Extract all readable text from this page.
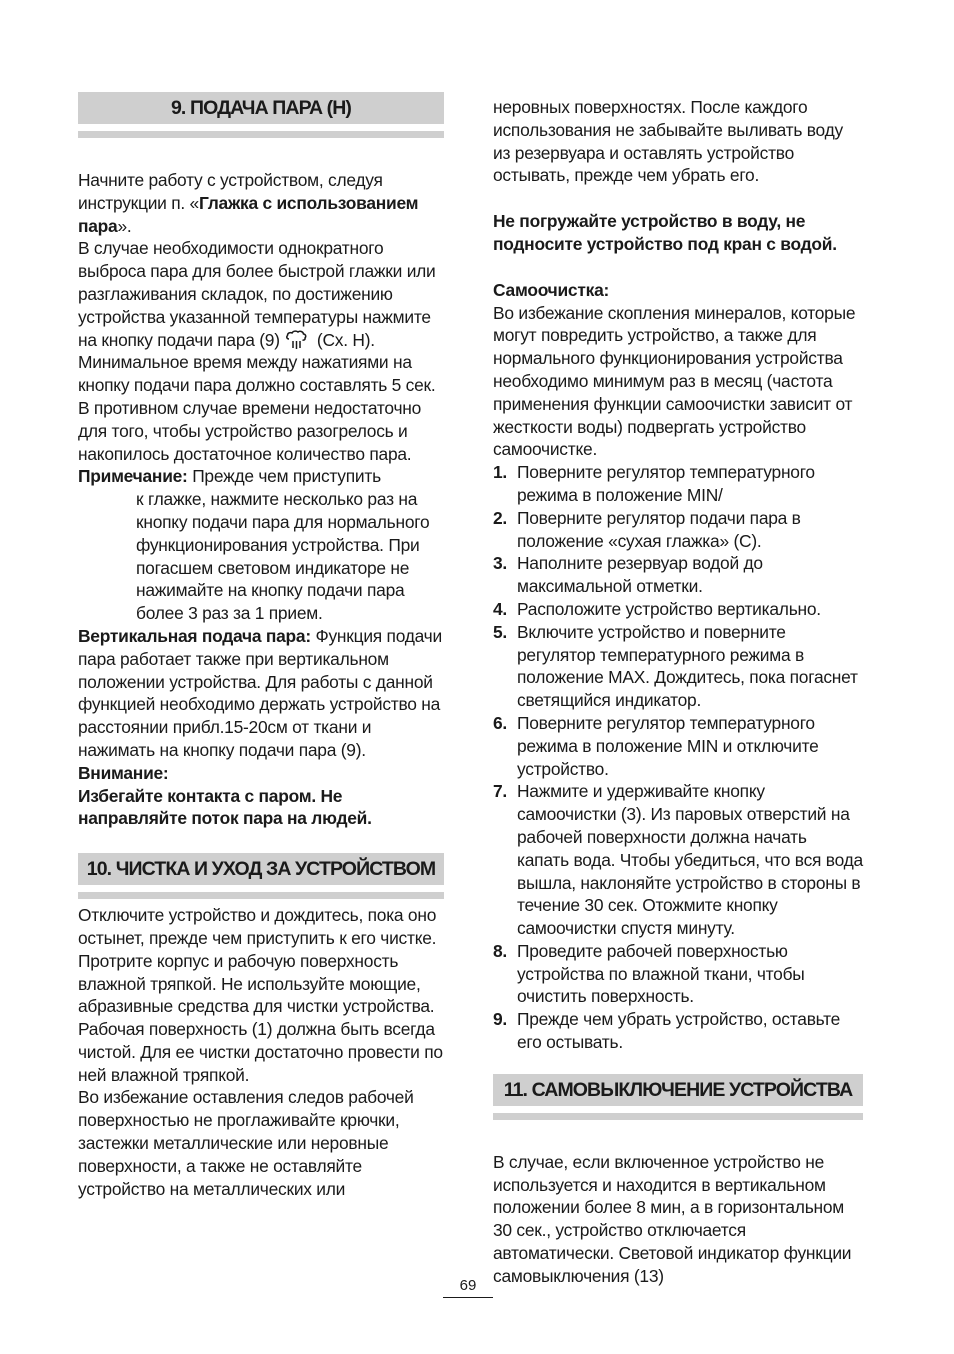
9. ПОДАЧА ПАРА (H)

Начните работу с устройством, следуя инструкции п. «Глажка с использованием пара».

В случае необходимости однократного выброса пара для более быстрой глажки или разглаживания складок, по достижению устройства указанной температуры нажмите на кнопку подачи пара (9)  (Сх. Н). Минимальное время между нажатиями на кнопку подачи пара должно составлять 5 сек. В противном случае времени недостаточно для того, чтобы устройство разогрелось и накопилось достаточное количество пара.

Примечание: Прежде чем приступить

к глажке, нажмите несколько раз на кнопку подачи пара для нормального функционирования устройства. При погасшем световом индикаторе не нажимайте на кнопку подачи пара более 3 раз за 1 прием.

Вертикальная подача пара: Функция подачи пара работает также при вертикальном положении устройства. Для работы с данной функцией необходимо держать устройство на расстоянии прибл.15-20см от ткани и нажимать на кнопку подачи пара (9).

Внимание:

Избегайте контакта с паром. Не направляйте поток пара на людей.

10. ЧИСТКА И УХОД ЗА УСТРОЙСТВОМ

Отключите устройство и дождитесь, пока оно остынет, прежде чем приступить к его чистке.

Протрите корпус и рабочую поверхность влажной тряпкой. Не используйте моющие, абразивные средства для чистки устройства.

Рабочая поверхность (1) должна быть всегда чистой. Для ее чистки достаточно провести по ней влажной тряпкой.

Во избежание оставления следов рабочей поверхностью не проглаживайте крючки, застежки металлические или неровные поверхности, а также не оставляйте устройство на металлических или

неровных поверхностях. После каждого использования не забывайте выливать воду из резервуара и оставлять устройство остывать, прежде чем убрать его.

Не погружайте устройство в воду, не подносите устройство под кран с водой.

Самоочистка:

Во избежание скопления минералов, которые могут повредить устройство, а также для нормального функционирования устройства необходимо минимум раз в месяц (частота применения функции самоочистки зависит от жесткости воды) подвергать устройство самоочистке.

1. Поверните регулятор температурного режима в положение MIN/
2. Поверните регулятор подачи пара в положение «сухая глажка» (С).
3. Наполните резервуар водой до максимальной отметки.
4. Расположите устройство вертикально.
5. Включите устройство и поверните регулятор температурного режима в положение MAX. Дождитесь, пока погаснет светящийся индикатор.
6. Поверните регулятор температурного режима в положение MIN и отключите устройство.
7. Нажмите и удерживайте кнопку самоочистки (3). Из паровых отверстий на рабочей поверхности должна начать капать вода. Чтобы убедиться, что вся вода вышла, наклоняйте устройство в стороны в течение 30 сек. Отожмите кнопку самоочистки спустя минуту.
8. Проведите рабочей поверхностью устройства по влажной ткани, чтобы очистить поверхность.
9. Прежде чем убрать устройство, оставьте его остывать.
11. САМОВЫКЛЮЧЕНИЕ УСТРОЙСТВА

В случае, если включенное устройство не используется и находится в вертикальном положении более 8 мин, а в горизонтальном 30 сек., устройство отключается автоматически. Световой индикатор функции самовыключения (13)

69
